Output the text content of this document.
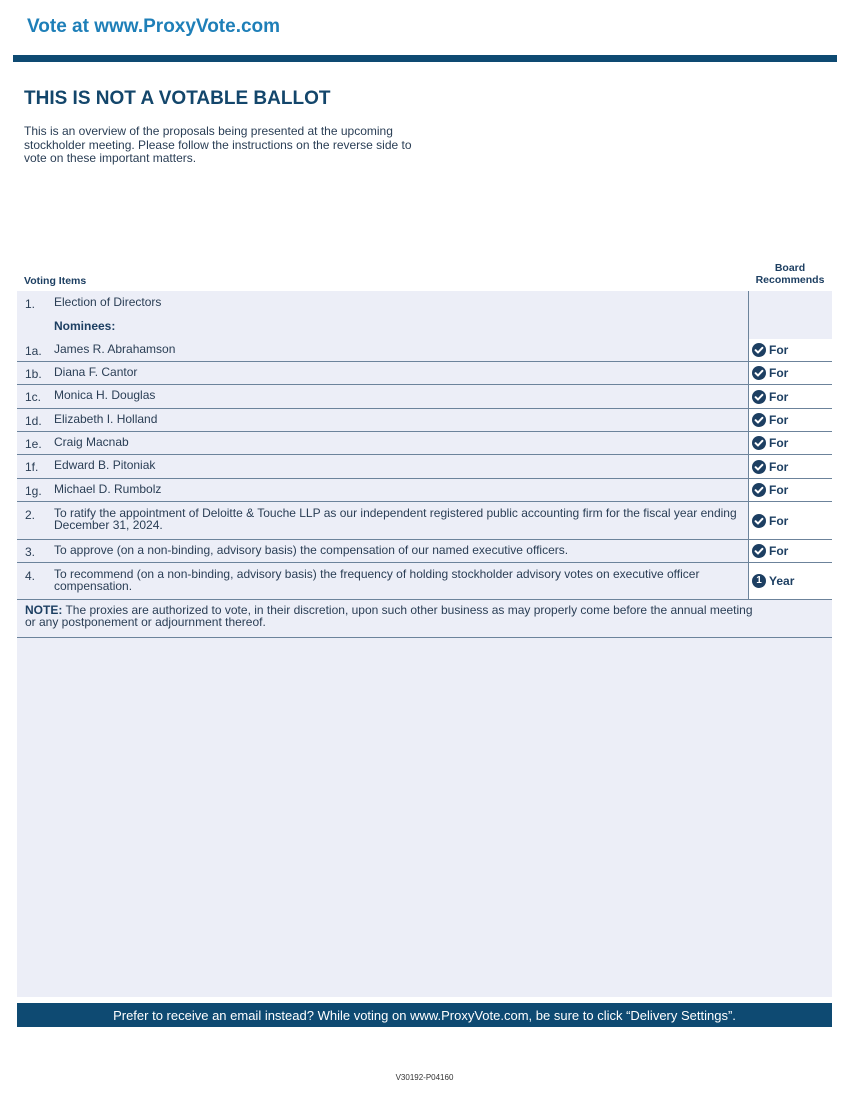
Vote at www.ProxyVote.com
THIS IS NOT A VOTABLE BALLOT
This is an overview of the proposals being presented at the upcoming stockholder meeting. Please follow the instructions on the reverse side to vote on these important matters.
Voting Items
Board
Recommends
1. Election of Directors
Nominees:
1a. James R. Abrahamson	For
1b. Diana F. Cantor	For
1c. Monica H. Douglas	For
1d. Elizabeth I. Holland	For
1e. Craig Macnab	For
1f. Edward B. Pitoniak	For
1g. Michael D. Rumbolz	For
2. To ratify the appointment of Deloitte & Touche LLP as our independent registered public accounting firm for the fiscal year ending December 31, 2024.	For
3. To approve (on a non-binding, advisory basis) the compensation of our named executive officers.	For
4. To recommend (on a non-binding, advisory basis) the frequency of holding stockholder advisory votes on executive officer compensation.	1 Year
NOTE: The proxies are authorized to vote, in their discretion, upon such other business as may properly come before the annual meeting or any postponement or adjournment thereof.
Prefer to receive an email instead? While voting on www.ProxyVote.com, be sure to click “Delivery Settings”.
V30192-P04160
